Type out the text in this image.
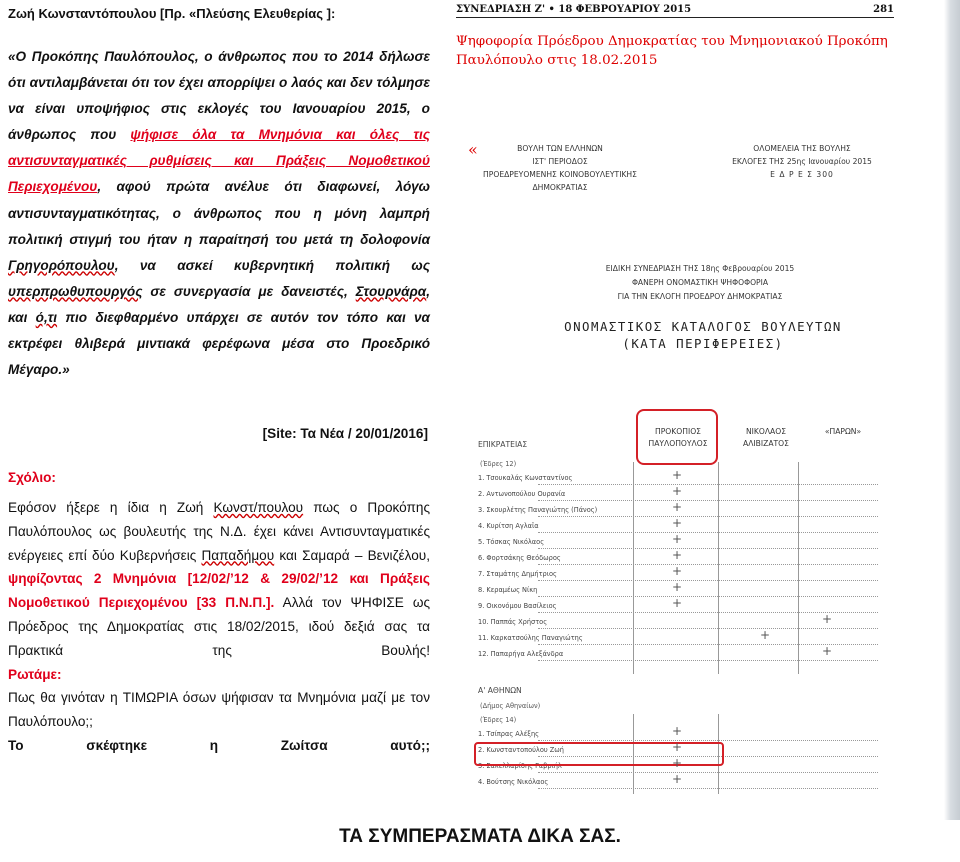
Ζωή Κωνσταντόπουλου [Πρ. «Πλεύσης Ελευθερίας ]:
«Ο Προκόπης Παυλόπουλος, ο άνθρωπος που το 2014 δήλωσε ότι αντιλαμβάνεται ότι τον έχει απορρίψει ο λαός και δεν τόλμησε να είναι υποψήφιος στις εκλογές του Ιανουαρίου 2015, ο άνθρωπος που ψήφισε όλα τα Μνημόνια και όλες τις αντισυνταγματικές ρυθμίσεις και Πράξεις Νομοθετικού Περιεχομένου, αφού πρώτα ανέλυε ότι διαφωνεί, λόγω αντισυνταγματικότητας, ο άνθρωπος που η μόνη λαμπρή πολιτική στιγμή του ήταν η παραίτησή του μετά τη δολοφονία Γρηγορόπουλου, να ασκεί κυβερνητική πολιτική ως υπερπρωθυπουργός σε συνεργασία με δανειστές, Στουρνάρα, και ό,τι πιο διεφθαρμένο υπάρχει σε αυτόν τον τόπο και να εκτρέφει θλιβερά μιντιακά φερέφωνα μέσα στο Προεδρικό Μέγαρο.»
[Site: Τα Νέα / 20/01/2016]
Σχόλιο:
Εφόσον ήξερε η ίδια η Ζωή Κωνστ/πουλου πως ο Προκόπης Παυλόπουλος ως βουλευτής της Ν.Δ. έχει κάνει Αντισυνταγματικές ενέργειες επί δύο Κυβερνήσεις Παπαδήμου και Σαμαρά – Βενιζέλου, ψηφίζοντας 2 Μνημόνια [12/02/’12 & 29/02/’12 και Πράξεις Νομοθετικού Περιεχομένου [33 Π.Ν.Π.]. Αλλά τον ΨΗΦΙΣΕ ως Πρόεδρος της Δημοκρατίας στις 18/02/2015, ιδού δεξιά σας τα Πρακτικά της Βουλής!
Ρωτάμε:
Πως θα γινόταν η ΤΙΜΩΡΙΑ όσων ψήφισαν τα Μνημόνια μαζί με τον Παυλόπουλο;;
Το σκέφτηκε η Ζωίτσα αυτό;;
ΣΥΝΕΔΡΙΑΣΗ Ζ' • 18 ΦΕΒΡΟΥΑΡΙΟΥ 2015	281
Ψηφοφορία Πρόεδρου Δημοκρατίας του Μνημονιακού Προκόπη Παυλόπουλο στις 18.02.2015
«	ΒΟΥΛΗ ΤΩΝ ΕΛΛΗΝΩΝ
ΙΣΤ' ΠΕΡΙΟΔΟΣ
ΠΡΟΕΔΡΕΥΟΜΕΝΗΣ ΚΟΙΝΟΒΟΥΛΕΥΤΙΚΗΣ
ΔΗΜΟΚΡΑΤΙΑΣ
ΟΛΟΜΕΛΕΙΑ ΤΗΣ ΒΟΥΛΗΣ
ΕΚΛΟΓΕΣ ΤΗΣ 25ης Ιανουαρίου 2015
Ε Δ Ρ Ε Σ 300
ΕΙΔΙΚΗ ΣΥΝΕΔΡΙΑΣΗ ΤΗΣ 18ης Φεβρουαρίου 2015
ΦΑΝΕΡΗ ΟΝΟΜΑΣΤΙΚΗ ΨΗΦΟΦΟΡΙΑ
ΓΙΑ ΤΗΝ ΕΚΛΟΓΗ ΠΡΟΕΔΡΟΥ ΔΗΜΟΚΡΑΤΙΑΣ
ΟΝΟΜΑΣΤΙΚΟΣ ΚΑΤΑΛΟΓΟΣ ΒΟΥΛΕΥΤΩΝ
(ΚΑΤΑ ΠΕΡΙΦΕΡΕΙΕΣ)
ΠΡΟΚΟΠΙΟΣ
ΠΑΥΛΟΠΟΥΛΟΣ
ΝΙΚΟΛΑΟΣ
ΑΛΙΒΙΖΑΤΟΣ
«ΠΑΡΩΝ»
ΕΠΙΚΡΑΤΕΙΑΣ
(Έδρες 12)
1. Τσουκαλάς Κωνσταντίνος
2. Αντωνοπούλου Ουρανία
3. Σκουρλέτης Παναγιώτης (Πάνος)
4. Κυρίτση Αγλαΐα
5. Τόσκας Νικόλαος
6. Φορτσάκης Θεόδωρος
7. Σταμάτης Δημήτριος
8. Κεραμέως Νίκη
9. Οικονόμου Βασίλειος
10. Παππάς Χρήστος
11. Καρκατσούλης Παναγιώτης
12. Παπαρήγα Αλεξάνδρα
+
+
+
+
+
+
+
+
+
+
+
+
Α' ΑΘΗΝΩΝ
(Δήμος Αθηναίων)
(Έδρες 14)
1. Τσίπρας Αλέξης
2. Κωνσταντοπούλου Ζωή
3. Σακελλαρίδης Γαβριήλ
4. Βούτσης Νικόλαος
+
+
+
+
ΤΑ ΣΥΜΠΕΡΑΣΜΑΤΑ ΔΙΚΑ ΣΑΣ.
